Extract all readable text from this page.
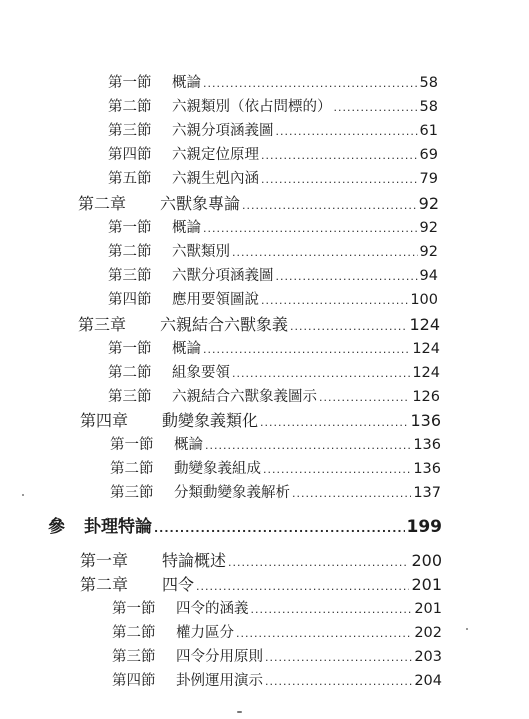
第一節	概論 .....	58
第二節	六親類別（依占問標的） .....	58
第三節	六親分項涵義圖 .....	61
第四節	六親定位原理 .....	69
第五節	六親生剋內涵 .....	79
第二章	六獸象專論 .....	92
第一節	概論 .....	92
第二節	六獸類別 .....	92
第三節	六獸分項涵義圖 .....	94
第四節	應用要領圖說 .....	100
第三章	六親結合六獸象義 .....	124
第一節	概論 .....	124
第二節	組象要領 .....	124
第三節	六親結合六獸象義圖示 .....	126
第四章	動變象義類化 .....	136
第一節	概論 .....	136
第二節	動變象義組成 .....	136
第三節	分類動變象義解析 .....	137
參	卦理特論 .....	199
第一章	特論概述 .....	200
第二章	四令 .....	201
第一節	四令的涵義 .....	201
第二節	權力區分 .....	202
第三節	四令分用原則 .....	203
第四節	卦例運用演示 .....	204
